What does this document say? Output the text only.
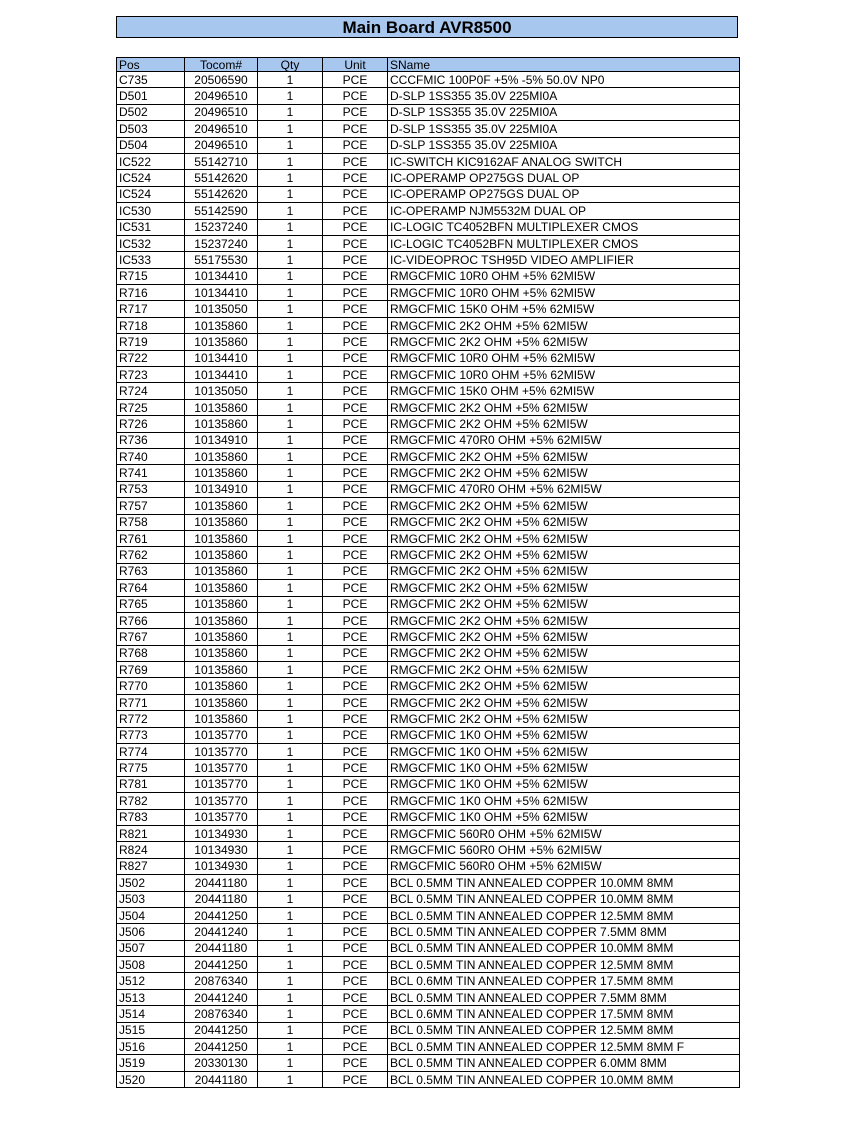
Main Board AVR8500
Pos	Tocom#	Qty	Unit	SName
C735	20506590	1	PCE	CCCFMIC 100P0F +5% -5% 50.0V NP0
D501	20496510	1	PCE	D-SLP 1SS355 35.0V 225MI0A
D502	20496510	1	PCE	D-SLP 1SS355 35.0V 225MI0A
D503	20496510	1	PCE	D-SLP 1SS355 35.0V 225MI0A
D504	20496510	1	PCE	D-SLP 1SS355 35.0V 225MI0A
IC522	55142710	1	PCE	IC-SWITCH KIC9162AF ANALOG SWITCH
IC524	55142620	1	PCE	IC-OPERAMP OP275GS DUAL OP
IC524	55142620	1	PCE	IC-OPERAMP OP275GS DUAL OP
IC530	55142590	1	PCE	IC-OPERAMP NJM5532M DUAL OP
IC531	15237240	1	PCE	IC-LOGIC TC4052BFN MULTIPLEXER CMOS
IC532	15237240	1	PCE	IC-LOGIC TC4052BFN MULTIPLEXER CMOS
IC533	55175530	1	PCE	IC-VIDEOPROC TSH95D VIDEO AMPLIFIER
R715	10134410	1	PCE	RMGCFMIC 10R0 OHM +5% 62MI5W
R716	10134410	1	PCE	RMGCFMIC 10R0 OHM +5% 62MI5W
R717	10135050	1	PCE	RMGCFMIC 15K0 OHM +5% 62MI5W
R718	10135860	1	PCE	RMGCFMIC 2K2 OHM +5% 62MI5W
R719	10135860	1	PCE	RMGCFMIC 2K2 OHM +5% 62MI5W
R722	10134410	1	PCE	RMGCFMIC 10R0 OHM +5% 62MI5W
R723	10134410	1	PCE	RMGCFMIC 10R0 OHM +5% 62MI5W
R724	10135050	1	PCE	RMGCFMIC 15K0 OHM +5% 62MI5W
R725	10135860	1	PCE	RMGCFMIC 2K2 OHM +5% 62MI5W
R726	10135860	1	PCE	RMGCFMIC 2K2 OHM +5% 62MI5W
R736	10134910	1	PCE	RMGCFMIC 470R0 OHM +5% 62MI5W
R740	10135860	1	PCE	RMGCFMIC 2K2 OHM +5% 62MI5W
R741	10135860	1	PCE	RMGCFMIC 2K2 OHM +5% 62MI5W
R753	10134910	1	PCE	RMGCFMIC 470R0 OHM +5% 62MI5W
R757	10135860	1	PCE	RMGCFMIC 2K2 OHM +5% 62MI5W
R758	10135860	1	PCE	RMGCFMIC 2K2 OHM +5% 62MI5W
R761	10135860	1	PCE	RMGCFMIC 2K2 OHM +5% 62MI5W
R762	10135860	1	PCE	RMGCFMIC 2K2 OHM +5% 62MI5W
R763	10135860	1	PCE	RMGCFMIC 2K2 OHM +5% 62MI5W
R764	10135860	1	PCE	RMGCFMIC 2K2 OHM +5% 62MI5W
R765	10135860	1	PCE	RMGCFMIC 2K2 OHM +5% 62MI5W
R766	10135860	1	PCE	RMGCFMIC 2K2 OHM +5% 62MI5W
R767	10135860	1	PCE	RMGCFMIC 2K2 OHM +5% 62MI5W
R768	10135860	1	PCE	RMGCFMIC 2K2 OHM +5% 62MI5W
R769	10135860	1	PCE	RMGCFMIC 2K2 OHM +5% 62MI5W
R770	10135860	1	PCE	RMGCFMIC 2K2 OHM +5% 62MI5W
R771	10135860	1	PCE	RMGCFMIC 2K2 OHM +5% 62MI5W
R772	10135860	1	PCE	RMGCFMIC 2K2 OHM +5% 62MI5W
R773	10135770	1	PCE	RMGCFMIC 1K0 OHM +5% 62MI5W
R774	10135770	1	PCE	RMGCFMIC 1K0 OHM +5% 62MI5W
R775	10135770	1	PCE	RMGCFMIC 1K0 OHM +5% 62MI5W
R781	10135770	1	PCE	RMGCFMIC 1K0 OHM +5% 62MI5W
R782	10135770	1	PCE	RMGCFMIC 1K0 OHM +5% 62MI5W
R783	10135770	1	PCE	RMGCFMIC 1K0 OHM +5% 62MI5W
R821	10134930	1	PCE	RMGCFMIC 560R0 OHM +5% 62MI5W
R824	10134930	1	PCE	RMGCFMIC 560R0 OHM +5% 62MI5W
R827	10134930	1	PCE	RMGCFMIC 560R0 OHM +5% 62MI5W
J502	20441180	1	PCE	BCL 0.5MM TIN ANNEALED COPPER 10.0MM 8MM
J503	20441180	1	PCE	BCL 0.5MM TIN ANNEALED COPPER 10.0MM 8MM
J504	20441250	1	PCE	BCL 0.5MM TIN ANNEALED COPPER 12.5MM 8MM
J506	20441240	1	PCE	BCL 0.5MM TIN ANNEALED COPPER 7.5MM 8MM
J507	20441180	1	PCE	BCL 0.5MM TIN ANNEALED COPPER 10.0MM 8MM
J508	20441250	1	PCE	BCL 0.5MM TIN ANNEALED COPPER 12.5MM 8MM
J512	20876340	1	PCE	BCL 0.6MM TIN ANNEALED COPPER 17.5MM 8MM
J513	20441240	1	PCE	BCL 0.5MM TIN ANNEALED COPPER 7.5MM 8MM
J514	20876340	1	PCE	BCL 0.6MM TIN ANNEALED COPPER 17.5MM 8MM
J515	20441250	1	PCE	BCL 0.5MM TIN ANNEALED COPPER 12.5MM 8MM
J516	20441250	1	PCE	BCL 0.5MM TIN ANNEALED COPPER 12.5MM 8MM F
J519	20330130	1	PCE	BCL 0.5MM TIN ANNEALED COPPER 6.0MM 8MM
J520	20441180	1	PCE	BCL 0.5MM TIN ANNEALED COPPER 10.0MM 8MM
